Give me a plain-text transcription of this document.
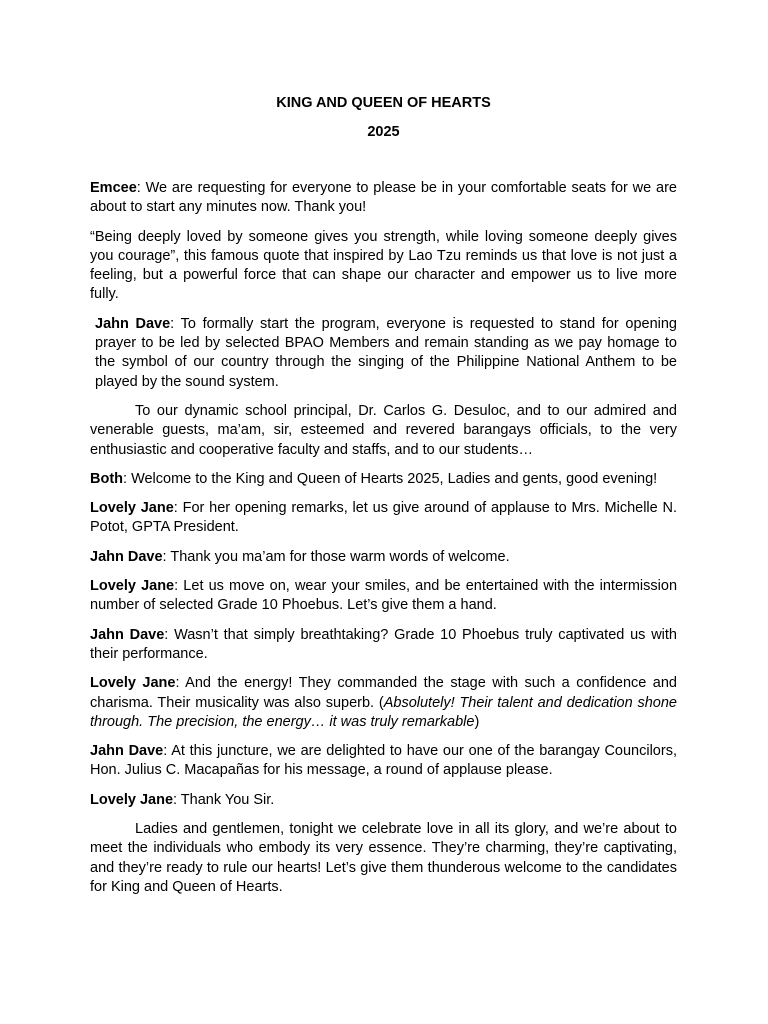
KING AND QUEEN OF HEARTS

2025

Emcee: We are requesting for everyone to please be in your comfortable seats for we are about to start any minutes now. Thank you!

“Being deeply loved by someone gives you strength, while loving someone deeply gives you courage”, this famous quote that inspired by Lao Tzu reminds us that love is not just a feeling, but a powerful force that can shape our character and empower us to live more fully.

Jahn Dave: To formally start the program, everyone is requested to stand for opening prayer to be led by selected BPAO Members and remain standing as we pay homage to the symbol of our country through the singing of the Philippine National Anthem to be played by the sound system.

To our dynamic school principal, Dr. Carlos G. Desuloc, and to our admired and venerable guests, ma’am, sir, esteemed and revered barangays officials, to the very enthusiastic and cooperative faculty and staffs, and to our students…

Both: Welcome to the King and Queen of Hearts 2025, Ladies and gents, good evening!

Lovely Jane: For her opening remarks, let us give around of applause to Mrs. Michelle N. Potot, GPTA President.

Jahn Dave: Thank you ma’am for those warm words of welcome.

Lovely Jane: Let us move on, wear your smiles, and be entertained with the intermission number of selected Grade 10 Phoebus. Let’s give them a hand.

Jahn Dave: Wasn’t that simply breathtaking? Grade 10 Phoebus truly captivated us with their performance.

Lovely Jane: And the energy! They commanded the stage with such a confidence and charisma. Their musicality was also superb. (Absolutely! Their talent and dedication shone through. The precision, the energy… it was truly remarkable)

Jahn Dave: At this juncture, we are delighted to have our one of the barangay Councilors, Hon. Julius C. Macapañas for his message, a round of applause please.

Lovely Jane: Thank You Sir.

Ladies and gentlemen, tonight we celebrate love in all its glory, and we’re about to meet the individuals who embody its very essence. They’re charming, they’re captivating, and they’re ready to rule our hearts! Let’s give them thunderous welcome to the candidates for King and Queen of Hearts.
